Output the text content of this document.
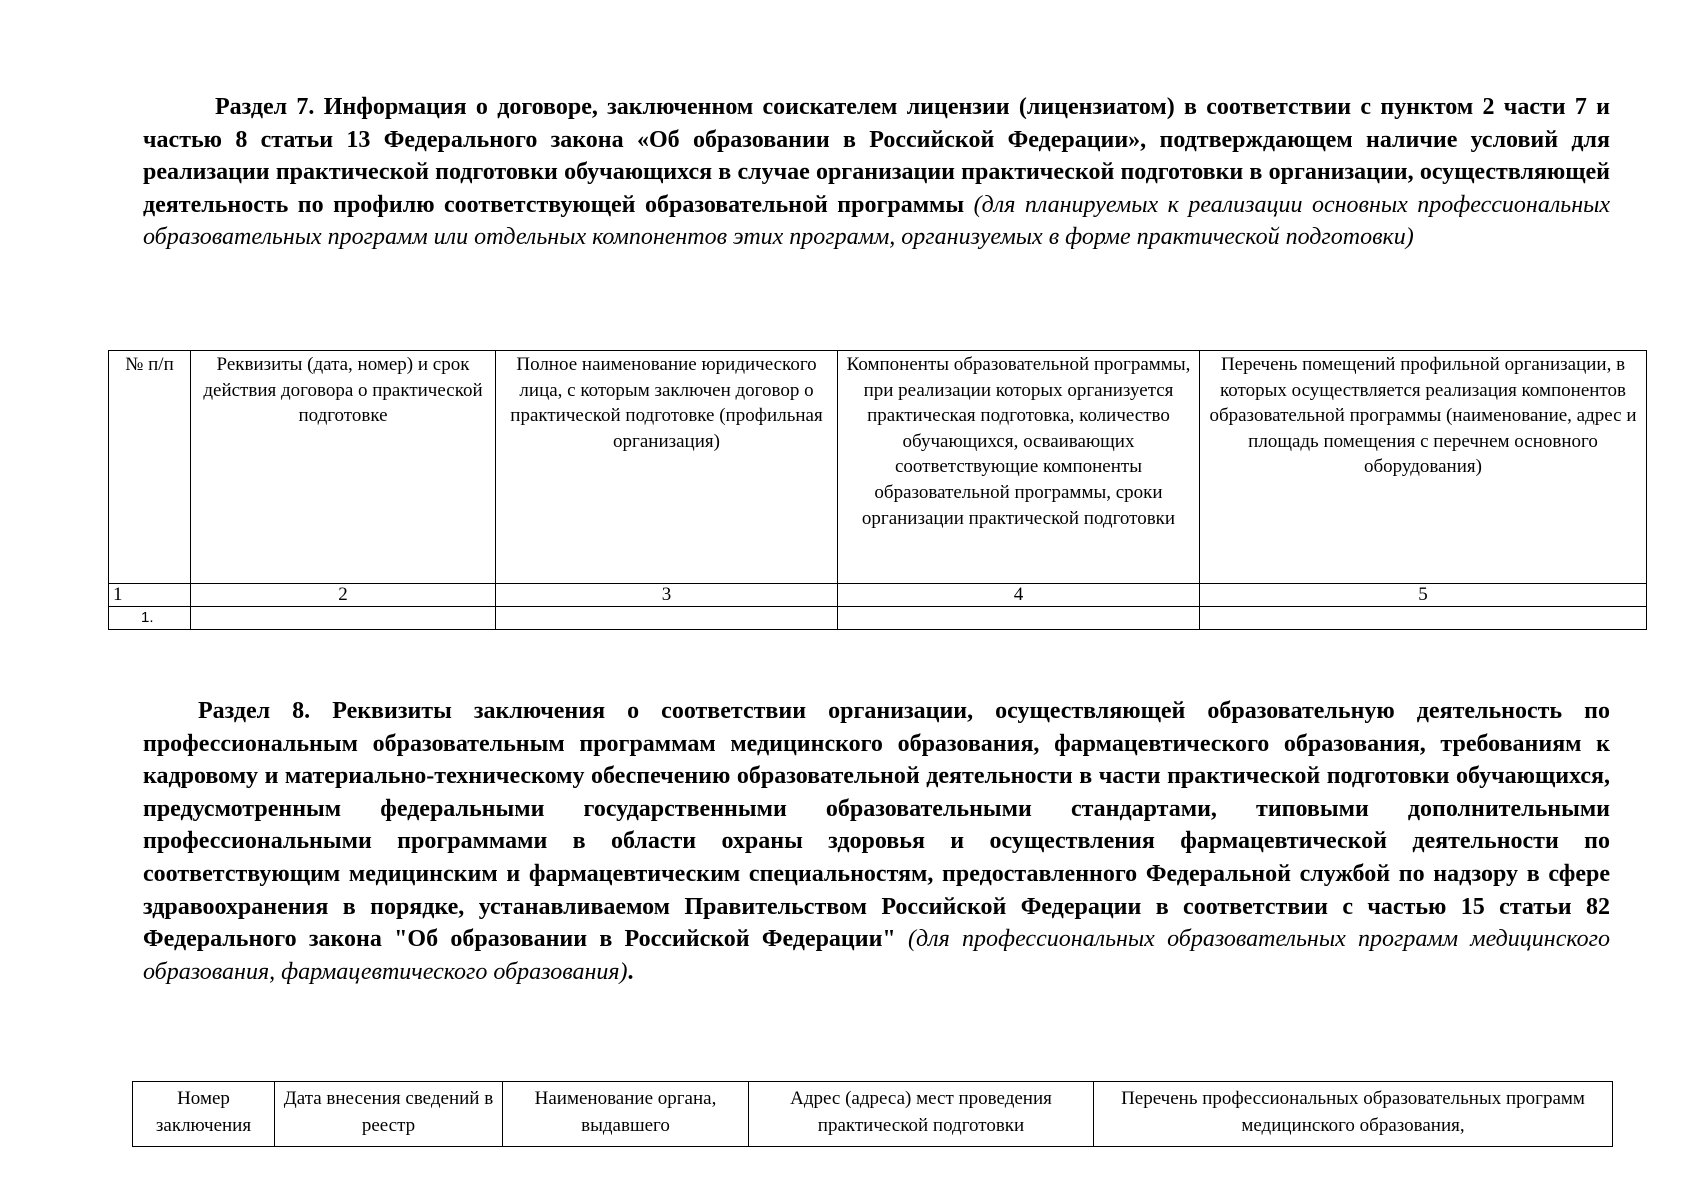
Раздел 7. Информация о договоре, заключенном соискателем лицензии (лицензиатом) в соответствии с пунктом 2 части 7 и частью 8 статьи 13 Федерального закона «Об образовании в Российской Федерации», подтверждающем наличие условий для реализации практической подготовки обучающихся в случае организации практической подготовки в организации, осуществляющей деятельность по профилю соответствующей образовательной программы (для планируемых к реализации основных профессиональных образовательных программ или отдельных компонентов этих программ, организуемых в форме практической подготовки)

№ п/п	Реквизиты (дата, номер) и срок действия договора о практической подготовке	Полное наименование юридического лица, с которым заключен договор о практической подготовке (профильная организация)	Компоненты образовательной программы, при реализации которых организуется практическая подготовка, количество обучающихся, осваивающих соответствующие компоненты образовательной программы, сроки организации практической подготовки	Перечень помещений профильной организации, в которых осуществляется реализация компонентов образовательной программы (наименование, адрес и площадь помещения с перечнем основного оборудования)
1	2	3	4	5
1.				

Раздел 8. Реквизиты заключения о соответствии организации, осуществляющей образовательную деятельность по профессиональным образовательным программам медицинского образования, фармацевтического образования, требованиям к кадровому и материально-техническому обеспечению образовательной деятельности в части практической подготовки обучающихся, предусмотренным федеральными государственными образовательными стандартами, типовыми дополнительными профессиональными программами в области охраны здоровья и осуществления фармацевтической деятельности по соответствующим медицинским и фармацевтическим специальностям, предоставленного Федеральной службой по надзору в сфере здравоохранения в порядке, устанавливаемом Правительством Российской Федерации в соответствии с частью 15 статьи 82 Федерального закона "Об образовании в Российской Федерации" (для профессиональных образовательных программ медицинского образования, фармацевтического образования).

Номер заключения	Дата внесения сведений в реестр	Наименование органа, выдавшего	Адрес (адреса) мест проведения практической подготовки	Перечень профессиональных образовательных программ медицинского образования,
